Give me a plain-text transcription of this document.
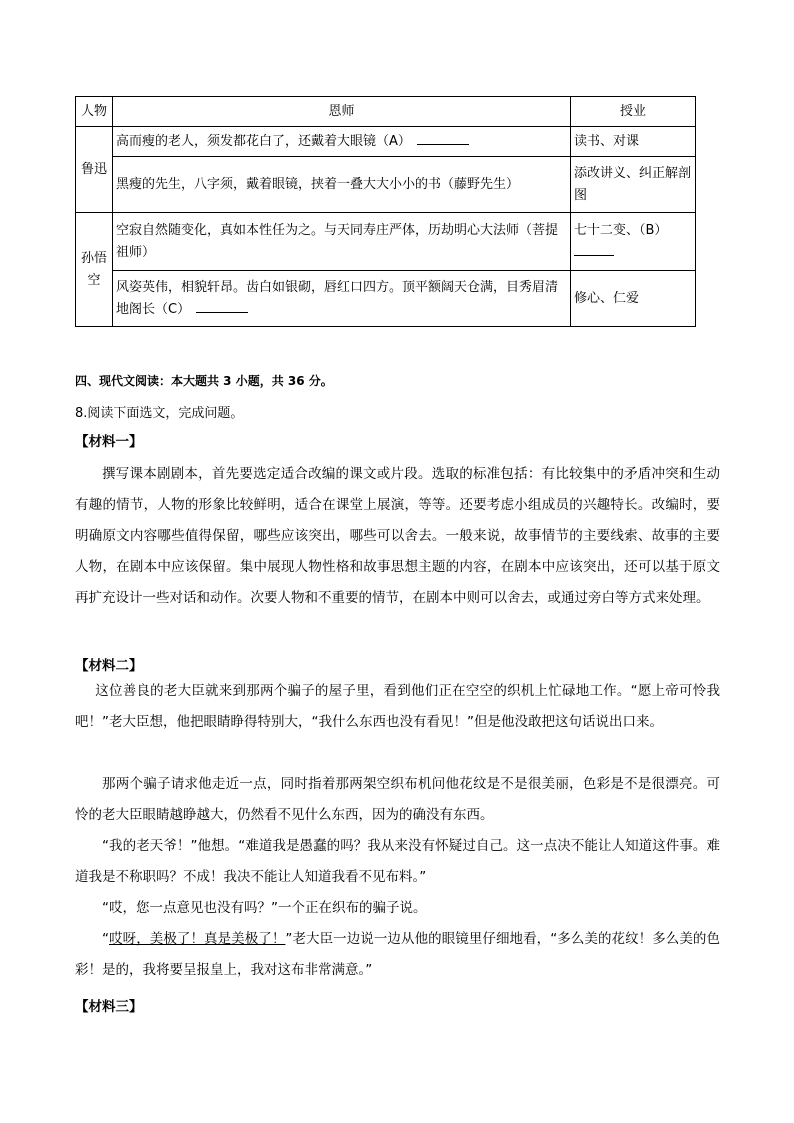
人物	恩师	授业
鲁迅	高而瘦的老人，须发都花白了，还戴着大眼镜（A）	读书、对课
	黑瘦的先生，八字须，戴着眼镜，挟着一叠大大小小的书（藤野先生）	添改讲义、纠正解剖图
孙悟空	空寂自然随变化，真如本性任为之。与天同寿庄严体，历劫明心大法师（菩提祖师）	七十二变、（B）

	风姿英伟，相貌轩昂。齿白如银砌，唇红口四方。顶平额阔天仓满，目秀眉清地阁长（C）	修心、仁爱
四、现代文阅读：本大题共 3 小题，共 36 分。
8.阅读下面选文，完成问题。
【材料一】

撰写课本剧剧本，首先要选定适合改编的课文或片段。选取的标准包括：有比较集中的矛盾冲突和生动有趣的情节，人物的形象比较鲜明，适合在课堂上展演，等等。还要考虑小组成员的兴趣特长。改编时，要明确原文内容哪些值得保留，哪些应该突出，哪些可以舍去。一般来说，故事情节的主要线索、故事的主要人物，在剧本中应该保留。集中展现人物性格和故事思想主题的内容，在剧本中应该突出，还可以基于原文再扩充设计一些对话和动作。次要人物和不重要的情节，在剧本中则可以舍去，或通过旁白等方式来处理。

【材料二】

这位善良的老大臣就来到那两个骗子的屋子里，看到他们正在空空的织机上忙碌地工作。“愿上帝可怜我吧！”老大臣想，他把眼睛睁得特别大，“我什么东西也没有看见！”但是他没敢把这句话说出口来。

那两个骗子请求他走近一点，同时指着那两架空织布机问他花纹是不是很美丽，色彩是不是很漂亮。可怜的老大臣眼睛越睁越大，仍然看不见什么东西，因为的确没有东西。

“我的老天爷！”他想。“难道我是愚蠢的吗？我从来没有怀疑过自己。这一点决不能让人知道这件事。难道我是不称职吗？不成！我决不能让人知道我看不见布料。”

“哎，您一点意见也没有吗？”一个正在织布的骗子说。

“哎呀，美极了！真是美极了！”老大臣一边说一边从他的眼镜里仔细地看，“多么美的花纹！多么美的色彩！是的，我将要呈报皇上，我对这布非常满意。”

【材料三】
